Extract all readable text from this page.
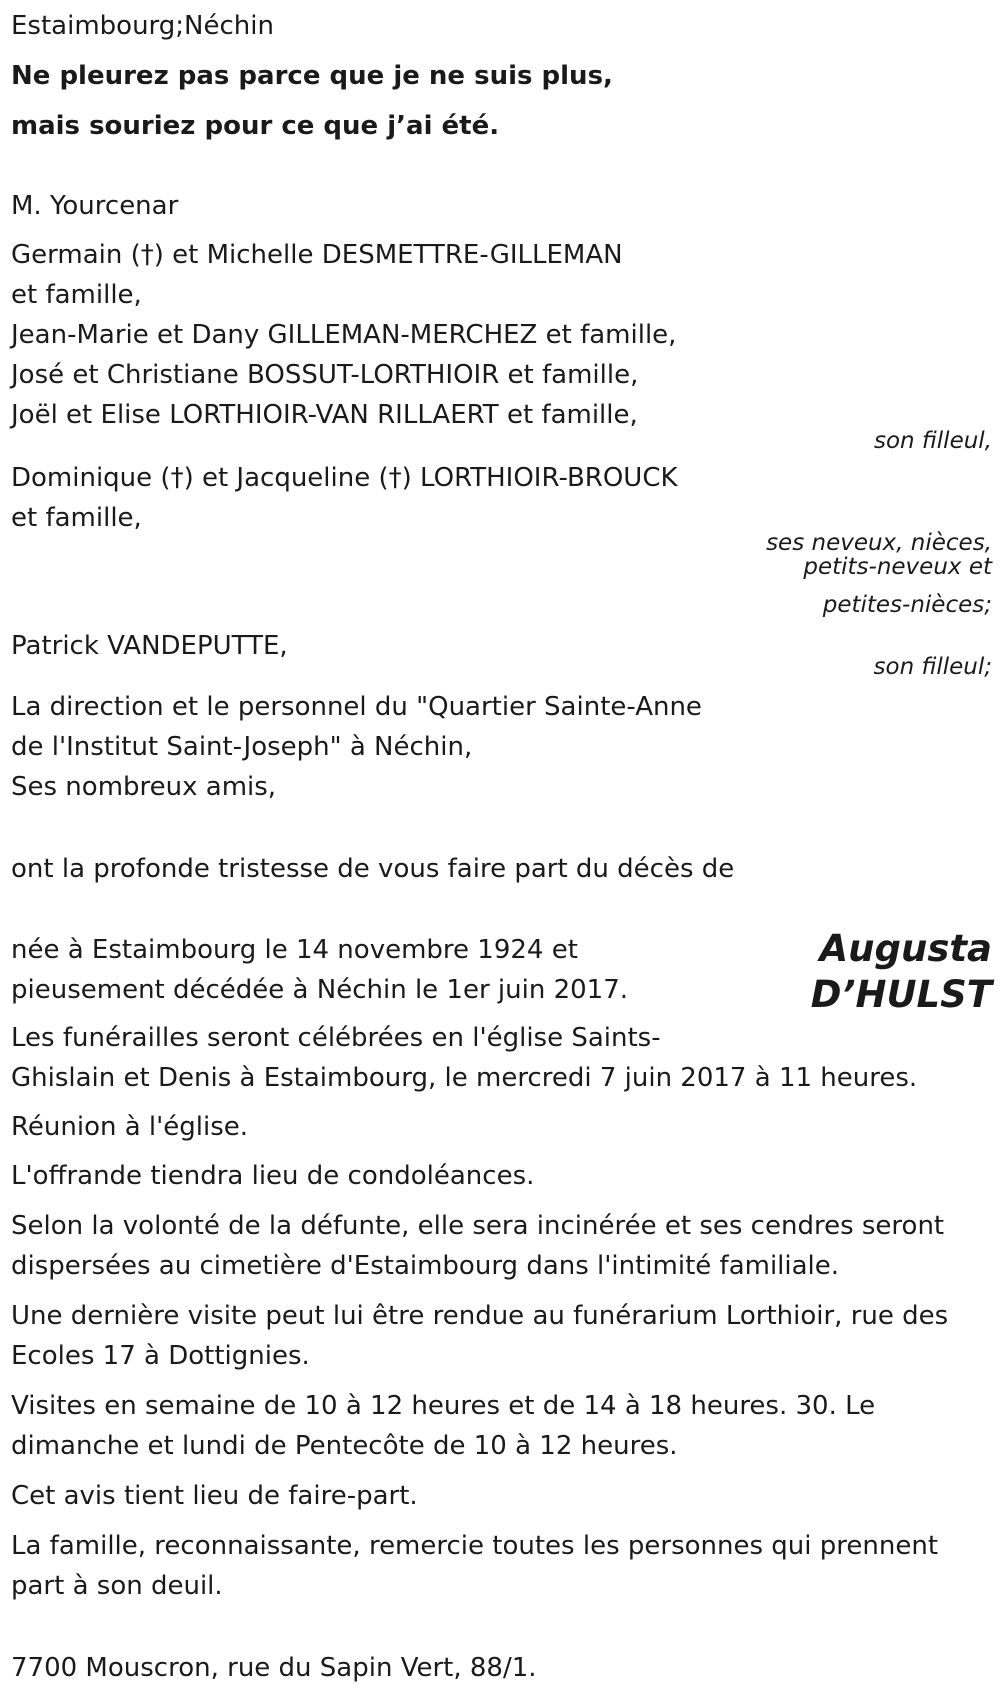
Estaimbourg;Néchin

Ne pleurez pas parce que je ne suis plus,

mais souriez pour ce que j’ai été.

M. Yourcenar

Germain (†) et Michelle DESMETTRE-GILLEMAN

et famille,

Jean-Marie et Dany GILLEMAN-MERCHEZ et famille,

José et Christiane BOSSUT-LORTHIOIR et famille,

Joël et Elise LORTHIOIR-VAN RILLAERT et famille,

son filleul,

Dominique (†) et Jacqueline (†) LORTHIOIR-BROUCK

et famille,

ses neveux, nièces,
petits-neveux et
petites-nièces;

Patrick VANDEPUTTE,

son filleul;

La direction et le personnel du "Quartier Sainte-Anne

de l'Institut Saint-Joseph" à Néchin,

Ses nombreux amis,

ont la profonde tristesse de vous faire part du décès de

Augusta
D’HULST

née à Estaimbourg le 14 novembre 1924 et

pieusement décédée à Néchin le 1er juin 2017.

Les funérailles seront célébrées en l'église Saints-

Ghislain et Denis à Estaimbourg, le mercredi 7 juin 2017 à 11 heures.

Réunion à l'église.

L'offrande tiendra lieu de condoléances.

Selon la volonté de la défunte, elle sera incinérée et ses cendres seront

dispersées au cimetière d'Estaimbourg dans l'intimité familiale.

Une dernière visite peut lui être rendue au funérarium Lorthioir, rue des

Ecoles 17 à Dottignies.

Visites en semaine de 10 à 12 heures et de 14 à 18 heures. 30. Le

dimanche et lundi de Pentecôte de 10 à 12 heures.

Cet avis tient lieu de faire-part.

La famille, reconnaissante, remercie toutes les personnes qui prennent

part à son deuil.

7700 Mouscron, rue du Sapin Vert, 88/1.
